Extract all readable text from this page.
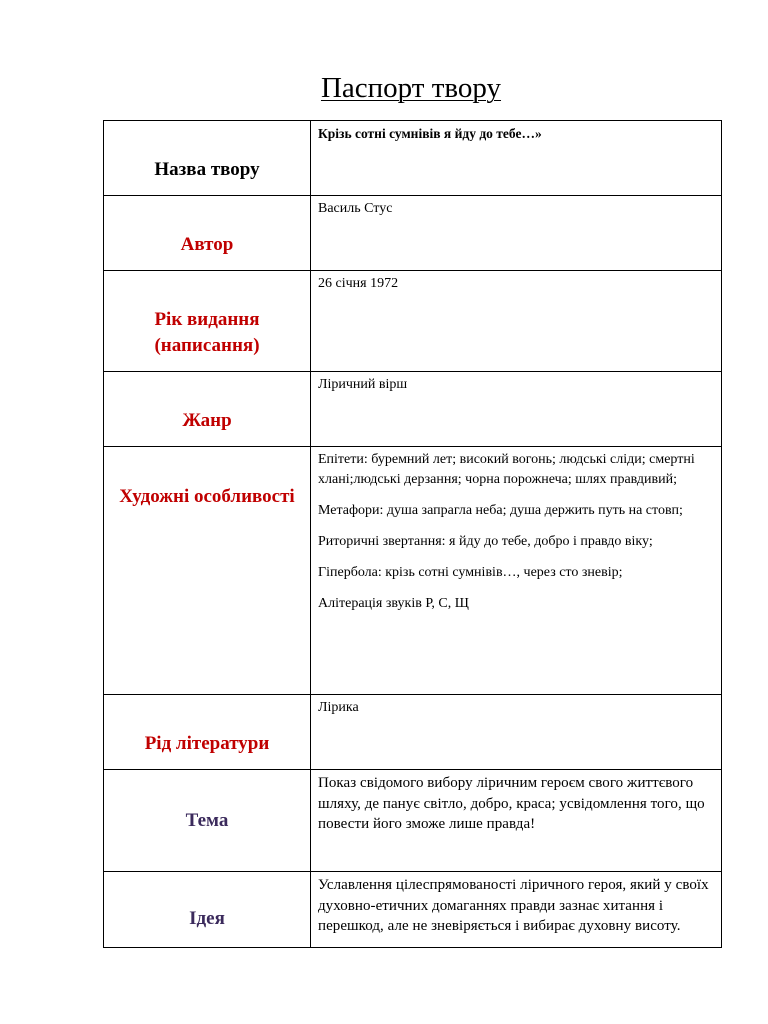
Паспорт твору
Назва твору	Крізь сотні сумнівів я йду до тебе…»

Автор	Василь Стус

Рік видання (написання)	26 січня 1972

Жанр	Ліричний вірш

Художні особливості	Епітети: буремний лет; високий вогонь; людські сліди; смертні хлані;людські дерзання; чорна порожнеча; шлях правдивий;

Метафори: душа запрагла неба; душа держить путь на стовп;

Риторичні звертання: я йду до тебе, добро і правдо віку;

Гіпербола: крізь сотні сумнівів…, через сто зневір;

Алітерація звуків Р, С, Щ

Рід літератури	Лірика

Тема	Показ свідомого вибору ліричним героєм свого життєвого шляху, де панує світло, добро, краса; усвідомлення того, що повести його зможе лише правда!

Ідея	Уславлення цілеспрямованості ліричного героя, який у своїх духовно-етичних домаганнях правди зазнає хитання і перешкод, але не зневіряється і вибирає духовну висоту.
